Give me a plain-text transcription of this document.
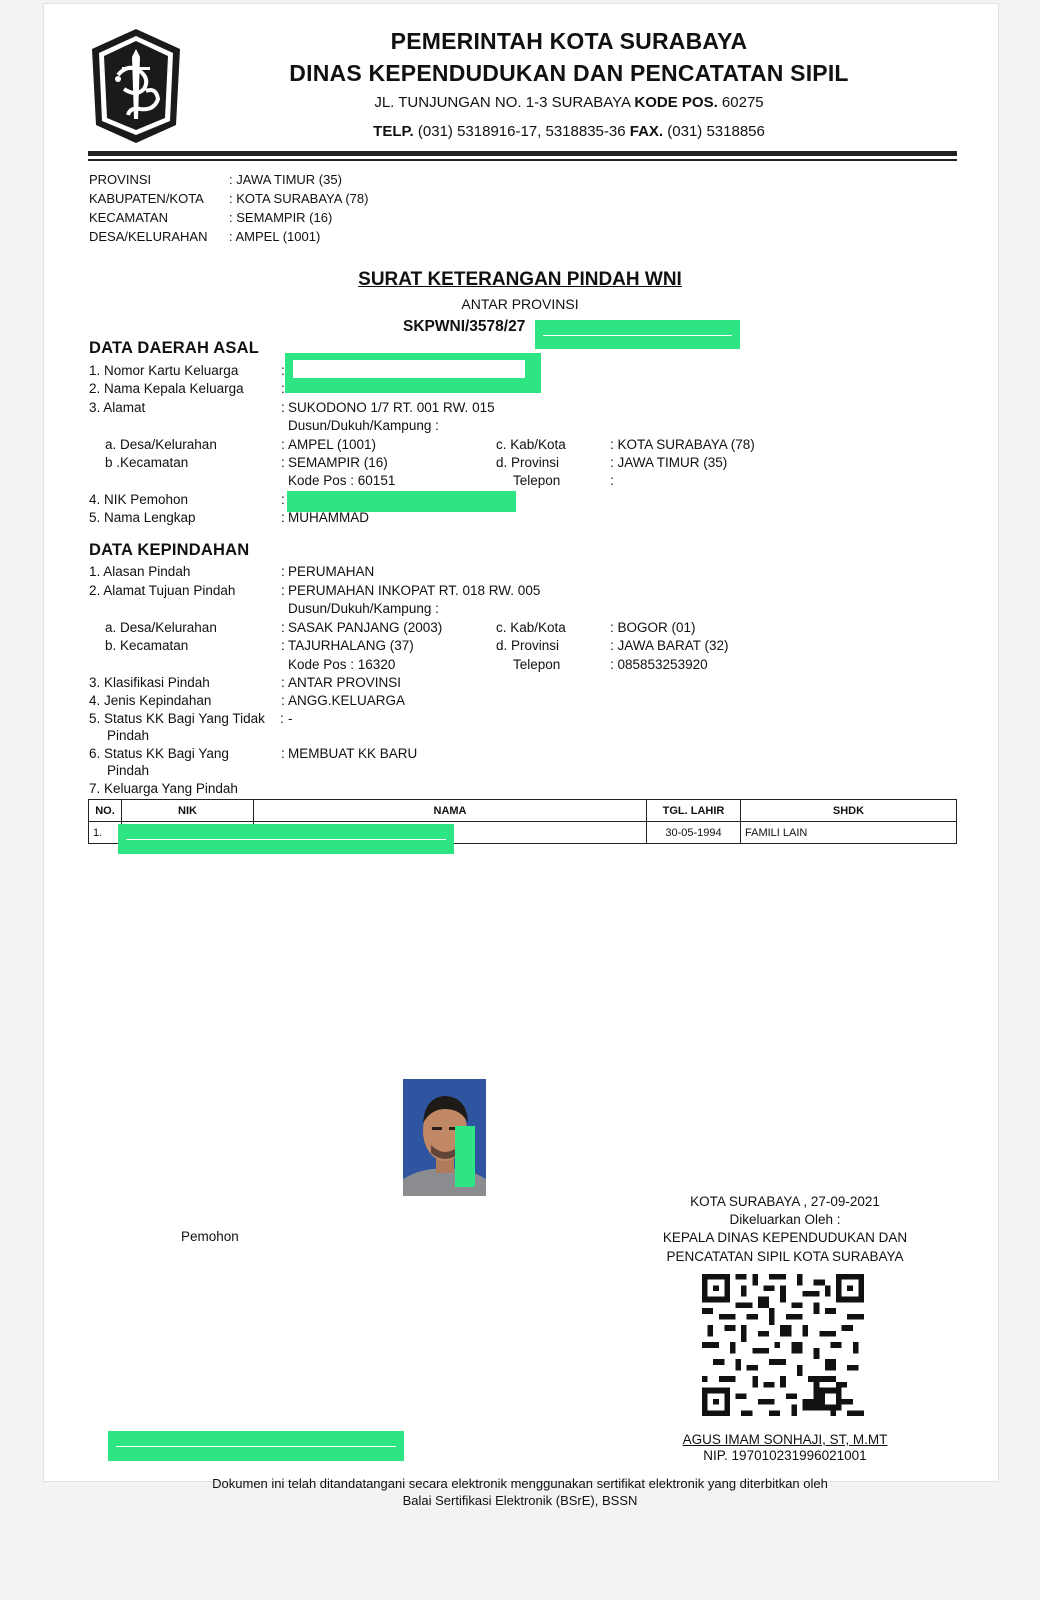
PEMERINTAH KOTA SURABAYA
DINAS KEPENDUDUKAN DAN PENCATATAN SIPIL
JL. TUNJUNGAN NO. 1-3 SURABAYA KODE POS. 60275
TELP. (031) 5318916-17, 5318835-36 FAX. (031) 5318856
PROVINSI	: JAWA TIMUR (35)
KABUPATEN/KOTA : KOTA SURABAYA (78)
KECAMATAN	: SEMAMPIR (16)
DESA/KELURAHAN : AMPEL (1001)
SURAT KETERANGAN PINDAH WNI
ANTAR PROVINSI
SKPWNI/3578/27
DATA DAERAH ASAL
1. Nomor Kartu Keluarga	:
2. Nama Kepala Keluarga	:
3. Alamat	: SUKODONO 1/7 RT. 001 RW. 015
Dusun/Dukuh/Kampung :
a. Desa/Kelurahan	: AMPEL (1001)	c. Kab/Kota	: KOTA SURABAYA (78)
b .Kecamatan	: SEMAMPIR (16)	d. Provinsi	: JAWA TIMUR (35)
Kode Pos : 60151	Telepon	:
4. NIK Pemohon	:
5. Nama Lengkap	: MUHAMMAD
DATA KEPINDAHAN
1. Alasan Pindah	: PERUMAHAN
2. Alamat Tujuan Pindah	: PERUMAHAN INKOPAT RT. 018 RW. 005
Dusun/Dukuh/Kampung :
a. Desa/Kelurahan	: SASAK PANJANG (2003)	c. Kab/Kota	: BOGOR (01)
b. Kecamatan	: TAJURHALANG (37)	d. Provinsi	: JAWA BARAT (32)
Kode Pos : 16320	Telepon	: 085853253920
3. Klasifikasi Pindah	: ANTAR PROVINSI
4. Jenis Kepindahan	: ANGG.KELUARGA
5. Status KK Bagi Yang Tidak : -
Pindah
6. Status KK Bagi Yang	: MEMBUAT KK BARU
Pindah
7. Keluarga Yang Pindah
NO.	NIK	NAMA	TGL. LAHIR	SHDK
1.			30-05-1994	FAMILI LAIN
Pemohon
KOTA SURABAYA , 27-09-2021
Dikeluarkan Oleh :
KEPALA DINAS KEPENDUDUKAN DAN
PENCATATAN SIPIL KOTA SURABAYA
AGUS IMAM SONHAJI, ST, M.MT
NIP. 197010231996021001
Dokumen ini telah ditandatangani secara elektronik menggunakan sertifikat elektronik yang diterbitkan oleh
Balai Sertifikasi Elektronik (BSrE), BSSN
